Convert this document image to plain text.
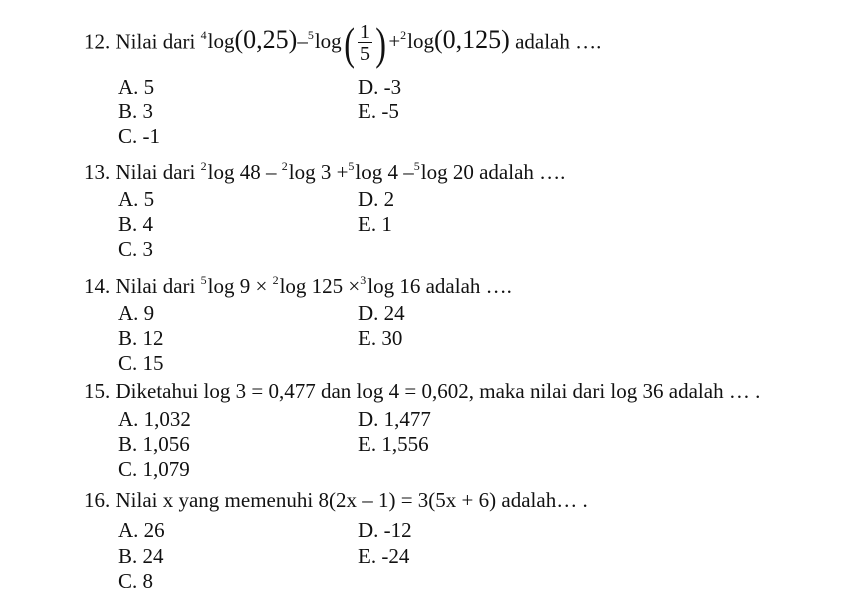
12. Nilai dari $^4\log(0,25)-^5\log( \frac{1}{5}$ ) +$^2$log(0,125) adalah ….
A. 5
B. 3
C. -1
D. -3
E. -5
13. Nilai dari $^2$log 48 – $^2$log 3 +$^5$log 4 –$^5$log 20 adalah ….
A. 5
B. 4
C. 3
D. 2
E. 1
14. Nilai dari $^5$log 9 × $^2$log 125 ×$^3$log 16 adalah ….
A. 9
B. 12
C. 15
D. 24
E. 30
15. Diketahui log 3 = 0,477 dan log 4 = 0,602, maka nilai dari log 36 adalah … .
A. 1,032
B. 1,056
C. 1,079
D. 1,477
E. 1,556
16. Nilai x yang memenuhi 8(2x – 1) = 3(5x + 6) adalah… .
A. 26
B. 24
C. 8
D. -12
E. -24
